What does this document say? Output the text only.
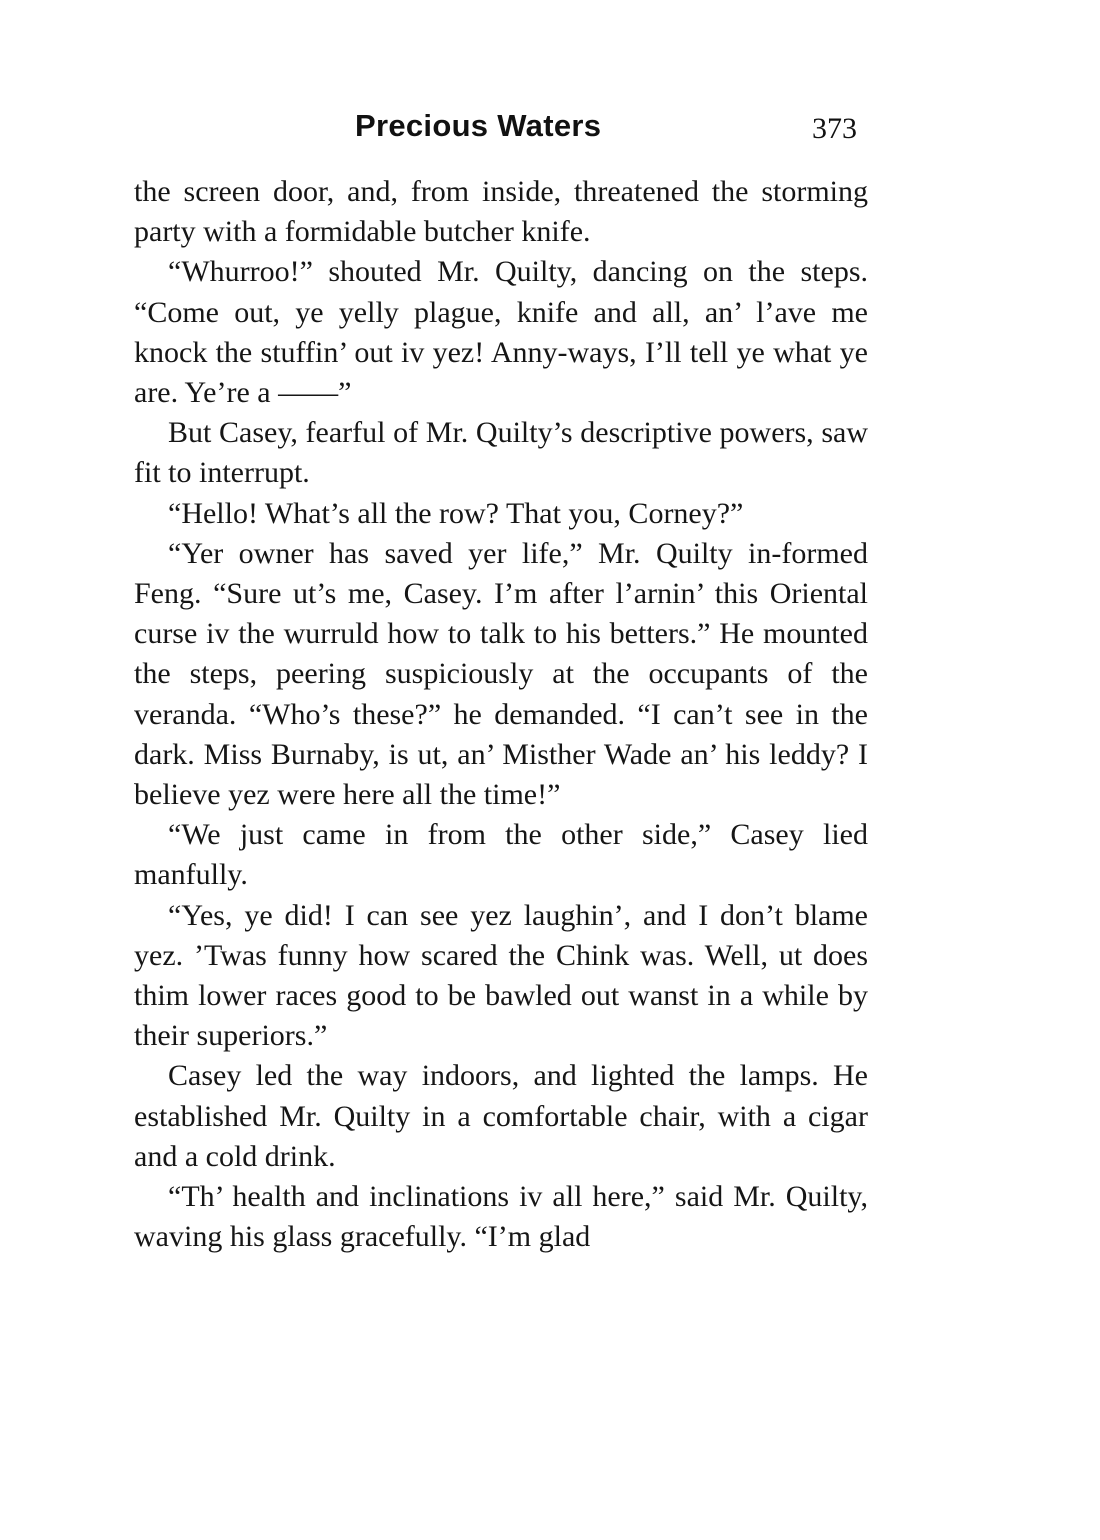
Precious Waters	373

the screen door, and, from inside, threatened the storming party with a formidable butcher knife.

“Whurroo!” shouted Mr. Quilty, dancing on the steps. “Come out, ye yelly plague, knife and all, an’ l’ave me knock the stuffin’ out iv yez! Anny-ways, I’ll tell ye what ye are. Ye’re a ——”

But Casey, fearful of Mr. Quilty’s descriptive powers, saw fit to interrupt.

“Hello! What’s all the row? That you, Corney?”

“Yer owner has saved yer life,” Mr. Quilty in-formed Feng. “Sure ut’s me, Casey. I’m after l’arnin’ this Oriental curse iv the wurruld how to talk to his betters.” He mounted the steps, peering suspiciously at the occupants of the veranda. “Who’s these?” he demanded. “I can’t see in the dark. Miss Burnaby, is ut, an’ Misther Wade an’ his leddy? I believe yez were here all the time!”

“We just came in from the other side,” Casey lied manfully.

“Yes, ye did! I can see yez laughin’, and I don’t blame yez. ’Twas funny how scared the Chink was. Well, ut does thim lower races good to be bawled out wanst in a while by their superiors.”

Casey led the way indoors, and lighted the lamps. He established Mr. Quilty in a comfortable chair, with a cigar and a cold drink.

“Th’ health and inclinations iv all here,” said Mr. Quilty, waving his glass gracefully. “I’m glad
